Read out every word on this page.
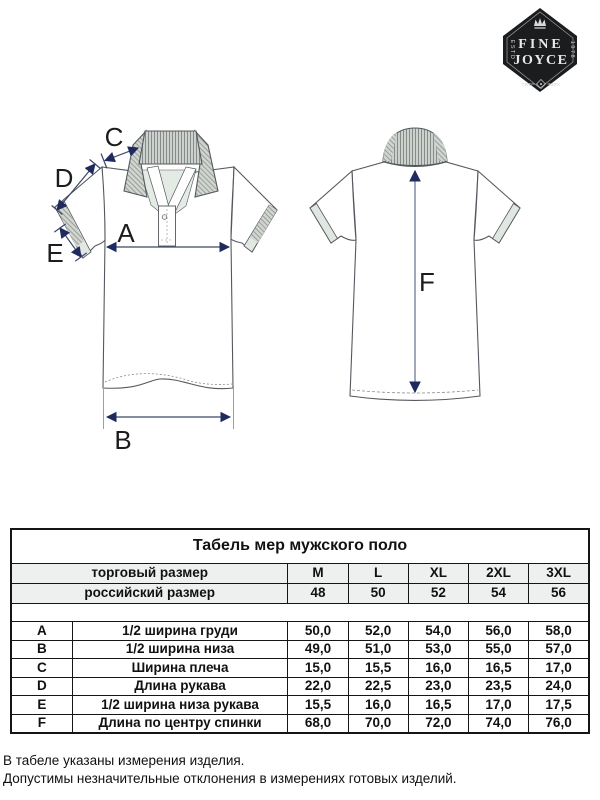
FINE
JOYCE
ESTD	1978
TRD	MRK
A
B
C
D
E
F
Табель мер мужского поло						
торговый размер		M	L	XL	2XL	3XL
российский размер		48	50	52	54	56

A	1/2 ширина груди	50,0	52,0	54,0	56,0	58,0
B	1/2 ширина низа	49,0	51,0	53,0	55,0	57,0
C	Ширина плеча	15,0	15,5	16,0	16,5	17,0
D	Длина рукава	22,0	22,5	23,0	23,5	24,0
E	1/2 ширина низа рукава	15,5	16,0	16,5	17,0	17,5
F	Длина по центру спинки	68,0	70,0	72,0	74,0	76,0
В табеле указаны измерения изделия.
Допустимы незначительные отклонения в измерениях готовых изделий.
